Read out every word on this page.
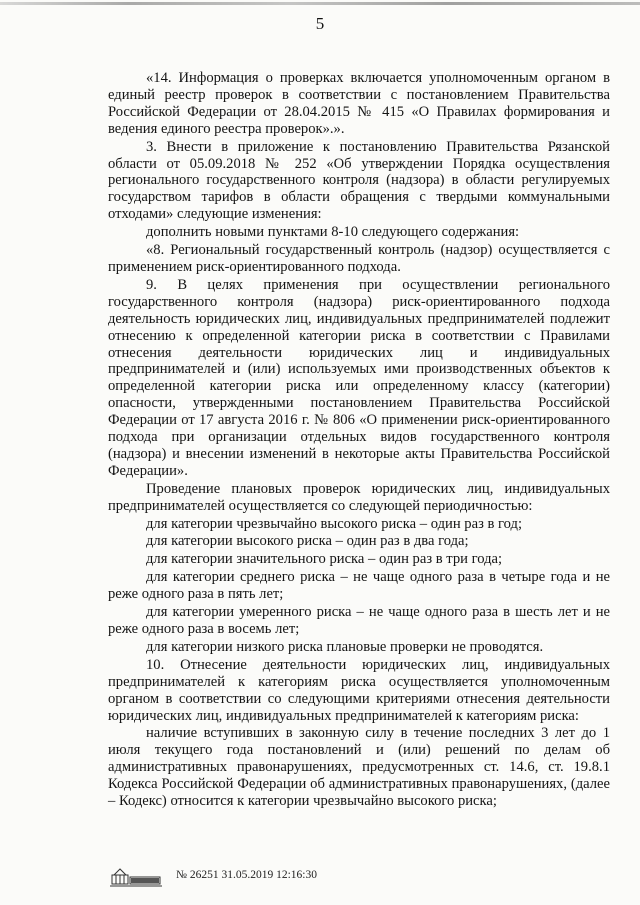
5

«14. Информация о проверках включается уполномоченным органом в единый реестр проверок в соответствии с постановлением Правительства Российской Федерации от 28.04.2015 № 415 «О Правилах формирования и ведения единого реестра проверок».».

3. Внести в приложение к постановлению Правительства Рязанской области от 05.09.2018 № 252 «Об утверждении Порядка осуществления регионального государственного контроля (надзора) в области регулируемых государством тарифов в области обращения с твердыми коммунальными отходами» следующие изменения:

дополнить новыми пунктами 8-10 следующего содержания:

«8. Региональный государственный контроль (надзор) осуществляется с применением риск-ориентированного подхода.

9. В целях применения при осуществлении регионального государственного контроля (надзора) риск-ориентированного подхода деятельность юридических лиц, индивидуальных предпринимателей подлежит отнесению к определенной категории риска в соответствии с Правилами отнесения деятельности юридических лиц и индивидуальных предпринимателей и (или) используемых ими производственных объектов к определенной категории риска или определенному классу (категории) опасности, утвержденными постановлением Правительства Российской Федерации от 17 августа 2016 г. № 806 «О применении риск-ориентированного подхода при организации отдельных видов государственного контроля (надзора) и внесении изменений в некоторые акты Правительства Российской Федерации».

Проведение плановых проверок юридических лиц, индивидуальных предпринимателей осуществляется со следующей периодичностью:

для категории чрезвычайно высокого риска – один раз в год;

для категории высокого риска – один раз в два года;

для категории значительного риска – один раз в три года;

для категории среднего риска – не чаще одного раза в четыре года и не реже одного раза в пять лет;

для категории умеренного риска – не чаще одного раза в шесть лет и не реже одного раза в восемь лет;

для категории низкого риска плановые проверки не проводятся.

10. Отнесение деятельности юридических лиц, индивидуальных предпринимателей к категориям риска осуществляется уполномоченным органом в соответствии со следующими критериями отнесения деятельности юридических лиц, индивидуальных предпринимателей к категориям риска:

наличие вступивших в законную силу в течение последних 3 лет до 1 июля текущего года постановлений и (или) решений по делам об административных правонарушениях, предусмотренных ст. 14.6, ст. 19.8.1 Кодекса Российской Федерации об административных правонарушениях, (далее – Кодекс) относится к категории чрезвычайно высокого риска;

№ 26251 31.05.2019 12:16:30
